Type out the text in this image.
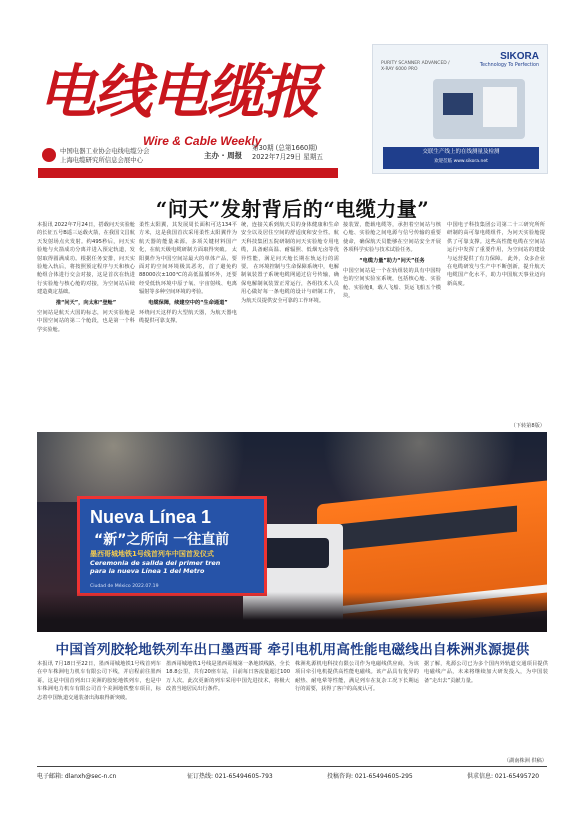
电线电缆报
Wire & Cable Weekly
中国电器工业协会电线电缆分会
上海电缆研究所信息会展中心
主办 · 周报
第30期 (总第1660期)
2022年7月29日 星期五
出版：电线电缆报编辑部 网址：www.cwn.net.cn
SIKORA
Technology To Perfection
PURITY SCANNER ADVANCED / X-RAY 6000 PRO
交联生产线上的在线测量及检测
欢迎莅临 www.sikora.net
“问天”发射背后的“电缆力量”
本报讯 2022年7月24日，搭载问天实验舱的长征五号B遥三运载火箭，在我国文昌航天发射场点火发射。约495秒后，问天实验舱与火箭成功分离并进入预定轨道，发射取得圆满成功。根据任务安排，问天实验舱入轨后，将按照预定程序与天和核心舱组合体进行交会对接，这是首次在轨进行实验舱与核心舱的对接，为空间站后续建造奠定基础。
推“问天”，向太和“登舱”
空间站是航天大国的标志，问天实验舱是中国空间站的第二个舱段，也是第一个科学实验舱。
柔性太阳翼，其发展周长面积可达134平方米，这是我国首次采用柔性太阳翼作为航天器的能量来源。多项关键材料国产化，在航天级电缆研制方面取得突破。 太阳翼作为中国空间站最大的单体产品，要面对的空间环境极其恶劣，首了避免约88000次±100℃的高低温循环外，还要经受低轨环境中原子氧、宇宙射线、电离辐射等多种空间环境的考验。
电缆保障，续建空中的“生命通道”
环绕问天这样的大型航天器，为航天器电缆提供可靠支撑。
统，连接关系到航天员的身体健康和生命安全以及居住空间的舒适度和安全性。航天科技集团五院研制的问天实验舱专用电缆，具备耐高温、耐辐照、低烟无卤等优异性能，满足问天舱长期在轨运行的需要。 在环境控制与生命保障系统中，电解制氧装置子系统电缆网通过信号传输，确保电解制氧装置正常运行，各组技术人员用心做好每一条电缆的设计与研制工作，为航天员提供安全可靠的工作环境。
接装置，能载电缆等，承担着空间站与核心舱、实验舱之间电源与信号传输的重要使命，确保航天员能够在空间站安全开展各项科学实验与技术试验任务。
“电缆力量”助力“问天”任务
中国空间站是一个在轨组装的具有中国特色的空间实验室系统，包括核心舱、实验舱、实验舱Ⅱ，载人飞船、货运飞船五个模块。
中国电子科技集团公司第二十三研究所所研制的高可靠电缆组件，为问天实验舱提供了可靠支撑。这些高性能电缆在空间站运行中发挥了重要作用，为空间站的建设与运营提供了有力保障。 此外，众多企业在电缆研发与生产中不断创新，提升航天电缆国产化水平，助力中国航天事业迈向新高度。
（下转第8版）
Nueva Línea 1
“新”之所向 一往直前
墨西哥城地铁1号线首列车中国首发仪式
Ceremonia de salida del primer tren
para la nueva Línea 1 del Metro
Ciudad de México 2022.07.19
中国首列胶轮地铁列车出口墨西哥 牵引电机用高性能电磁线出自株洲兆源提供
本报讯 7月18日至22日，墨西哥城地铁1号线首列车在中车株洲电力机车有限公司下线，并启程前往墨西哥。这是中国首列出口美洲的胶轮地铁列车，也是中车株洲电力机车有限公司首个美洲地铁整车项目，标志着中国轨道交通装备出海取得新突破。
墨西哥城地铁1号线是墨西哥城第一条地铁线路，全长18.8公里，共有20座车站，目前每日客流量超过100万人次。此次更新的列车采用中国先进技术，将极大改善当地居民出行条件。
株洲兆源机电科技有限公司作为电磁线供应商，为该项目牵引电机提供高性能电磁线。该产品具有优异的耐热、耐电晕等性能，满足列车在复杂工况下长期运行的需要，获得了客户的高度认可。
据了解，兆源公司已为多个国内外轨道交通项目提供电磁线产品，未来将继续加大研发投入，为中国装备“走出去”贡献力量。
（湖南株洲 供稿）
电子邮箱: dlanxh@sec-n.cn	征订热线: 021-65494605-793	投稿咨询: 021-65494605-295	供求信息: 021-65495720
